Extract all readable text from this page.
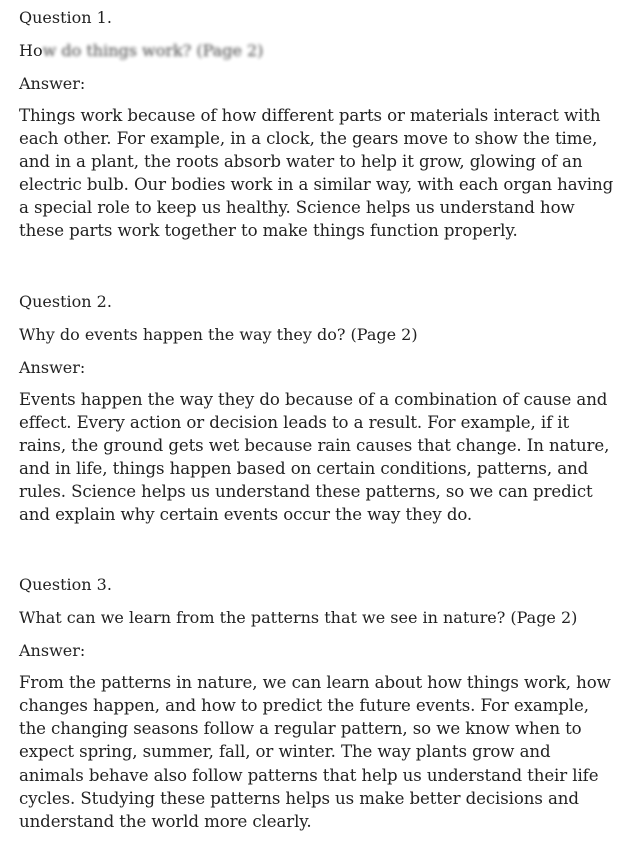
Question 1.

How do things work? (Page 2)

Answer:

Things work because of how different parts or materials interact with each other. For example, in a clock, the gears move to show the time, and in a plant, the roots absorb water to help it grow, glowing of an electric bulb. Our bodies work in a similar way, with each organ having a special role to keep us healthy. Science helps us understand how these parts work together to make things function properly.

Question 2.

Why do events happen the way they do? (Page 2)

Answer:

Events happen the way they do because of a combination of cause and effect. Every action or decision leads to a result. For example, if it rains, the ground gets wet because rain causes that change. In nature, and in life, things happen based on certain conditions, patterns, and rules. Science helps us understand these patterns, so we can predict and explain why certain events occur the way they do.

Question 3.

What can we learn from the patterns that we see in nature? (Page 2)

Answer:

From the patterns in nature, we can learn about how things work, how changes happen, and how to predict the future events. For example, the changing seasons follow a regular pattern, so we know when to expect spring, summer, fall, or winter. The way plants grow and animals behave also follow patterns that help us understand their life cycles. Studying these patterns helps us make better decisions and understand the world more clearly.
